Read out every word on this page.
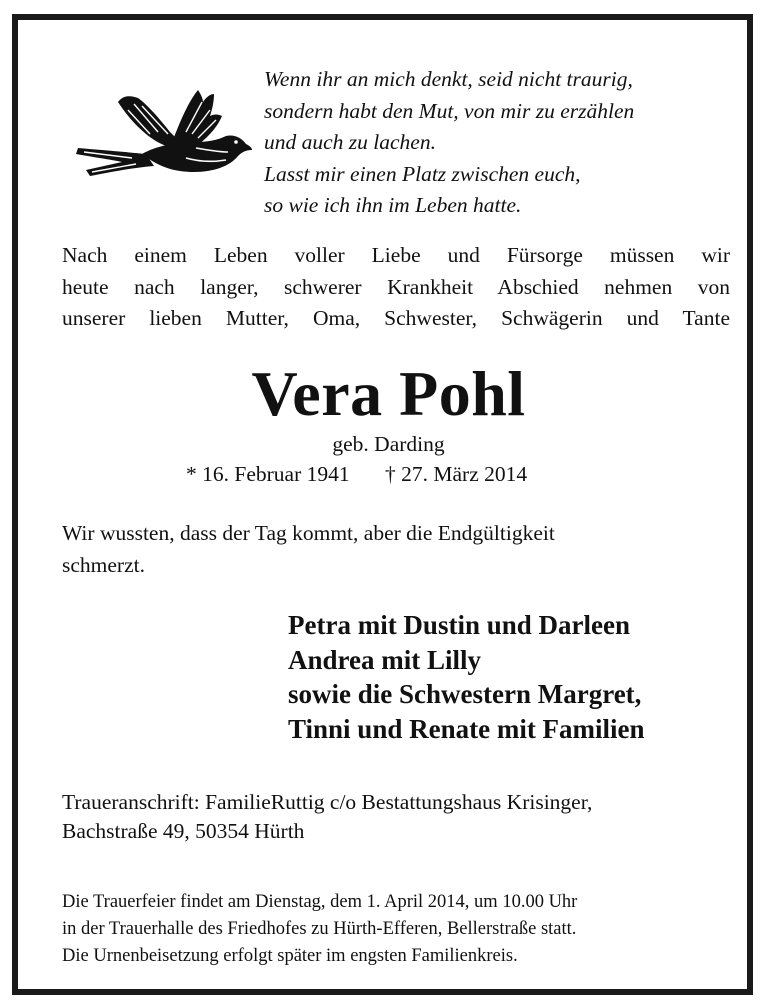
Wenn ihr an mich denkt, seid nicht traurig,
sondern habt den Mut, von mir zu erzählen
und auch zu lachen.
Lasst mir einen Platz zwischen euch,
so wie ich ihn im Leben hatte.
Nach einem Leben voller Liebe und Fürsorge müssen wir
heute nach langer, schwerer Krankheit Abschied nehmen von
unserer lieben Mutter, Oma, Schwester, Schwägerin und Tante
Vera Pohl
geb. Darding
* 16. Februar 1941 † 27. März 2014
Wir wussten, dass der Tag kommt, aber die Endgültigkeit
schmerzt.
Petra mit Dustin und Darleen
Andrea mit Lilly
sowie die Schwestern Margret,
Tinni und Renate mit Familien
Traueranschrift: FamilieRuttig c/o Bestattungshaus Krisinger,
Bachstraße 49, 50354 Hürth
Die Trauerfeier findet am Dienstag, dem 1. April 2014, um 10.00 Uhr
in der Trauerhalle des Friedhofes zu Hürth-Efferen, Bellerstraße statt.
Die Urnenbeisetzung erfolgt später im engsten Familienkreis.
